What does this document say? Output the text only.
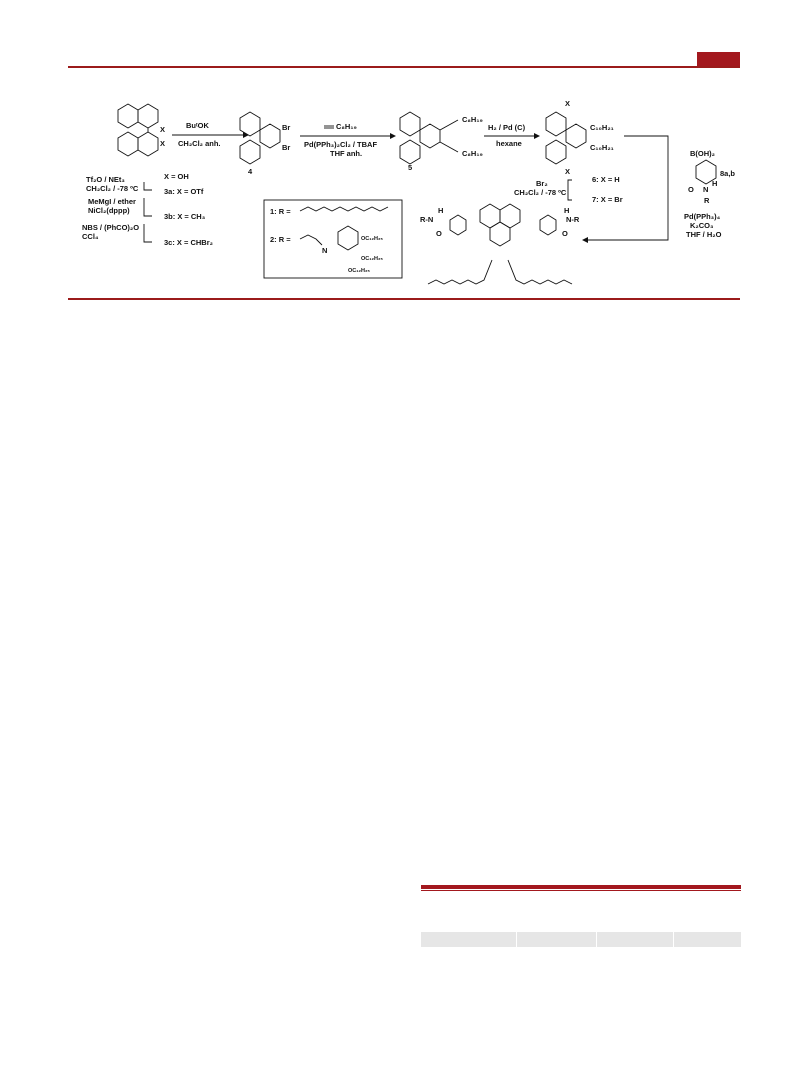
X
X
BuᵗOK
CH₂Cl₂ anh.
Br
Br
4
C₈H₁₉
Pd(PPh₃)₂Cl₂ / TBAF
THF anh.
C₈H₁₉
C₈H₁₉
5
H₂ / Pd (C)
hexane
X
X
C₁₀H₂₁
C₁₀H₂₁
Br₂
CH₂Cl₂ / -78 ºC
6: X = H
7: X = Br
B(OH)₂
8a,b
O N
H
R
Pd(PPh₃)₄
K₂CO₃
THF / H₂O
X = OH
Tf₂O / NEt₃
CH₂Cl₂ / -78 ºC	3a: X = OTf
MeMgI / ether
NiCl₂(dppp)
3b: X = CH₃
NBS / (PhCO)₂O
CCl₄
3c: X = CHBr₂
1: R =
2: R =
N
OC₁₂H₂₅
OC₁₂H₂₅
OC₁₂H₂₅
R-N
H
O
H
N-R
O
